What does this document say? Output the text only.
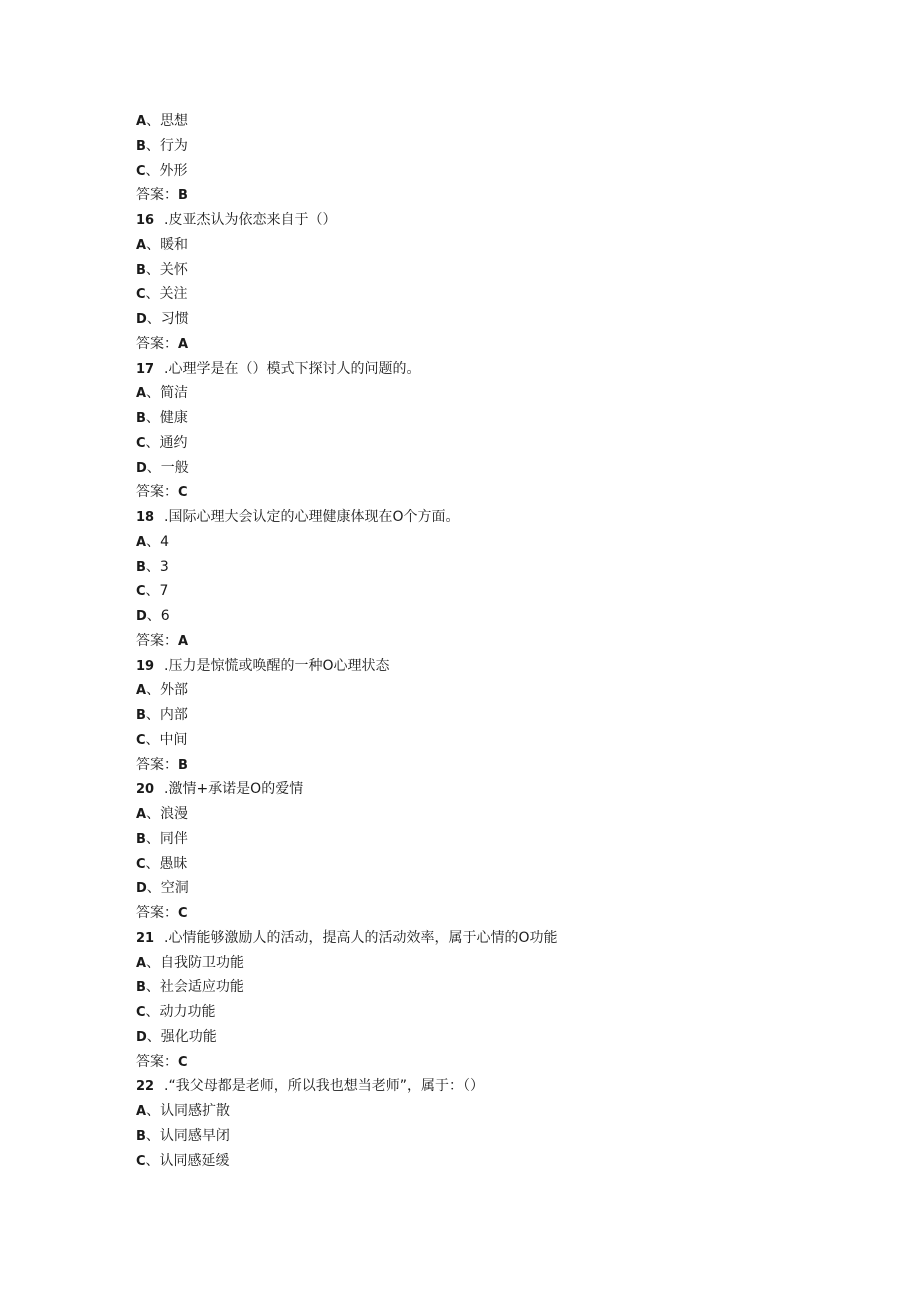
A、思想
B、行为
C、外形
答案：B
16 .皮亚杰认为依恋来自于（）
A、暖和
B、关怀
C、关注
D、习惯
答案：A
17 .心理学是在（）模式下探讨人的问题的。
A、简洁
B、健康
C、通约
D、一般
答案：C
18 .国际心理大会认定的心理健康体现在O个方面。
A、4
B、3
C、7
D、6
答案：A
19 .压力是惊慌或唤醒的一种O心理状态
A、外部
B、内部
C、中间
答案：B
20 .激情+承诺是O的爱情
A、浪漫
B、同伴
C、愚昧
D、空洞
答案：C
21 .心情能够激励人的活动，提高人的活动效率，属于心情的O功能
A、自我防卫功能
B、社会适应功能
C、动力功能
D、强化功能
答案：C
22 .“我父母都是老师，所以我也想当老师”，属于：（）
A、认同感扩散
B、认同感早闭
C、认同感延缓
